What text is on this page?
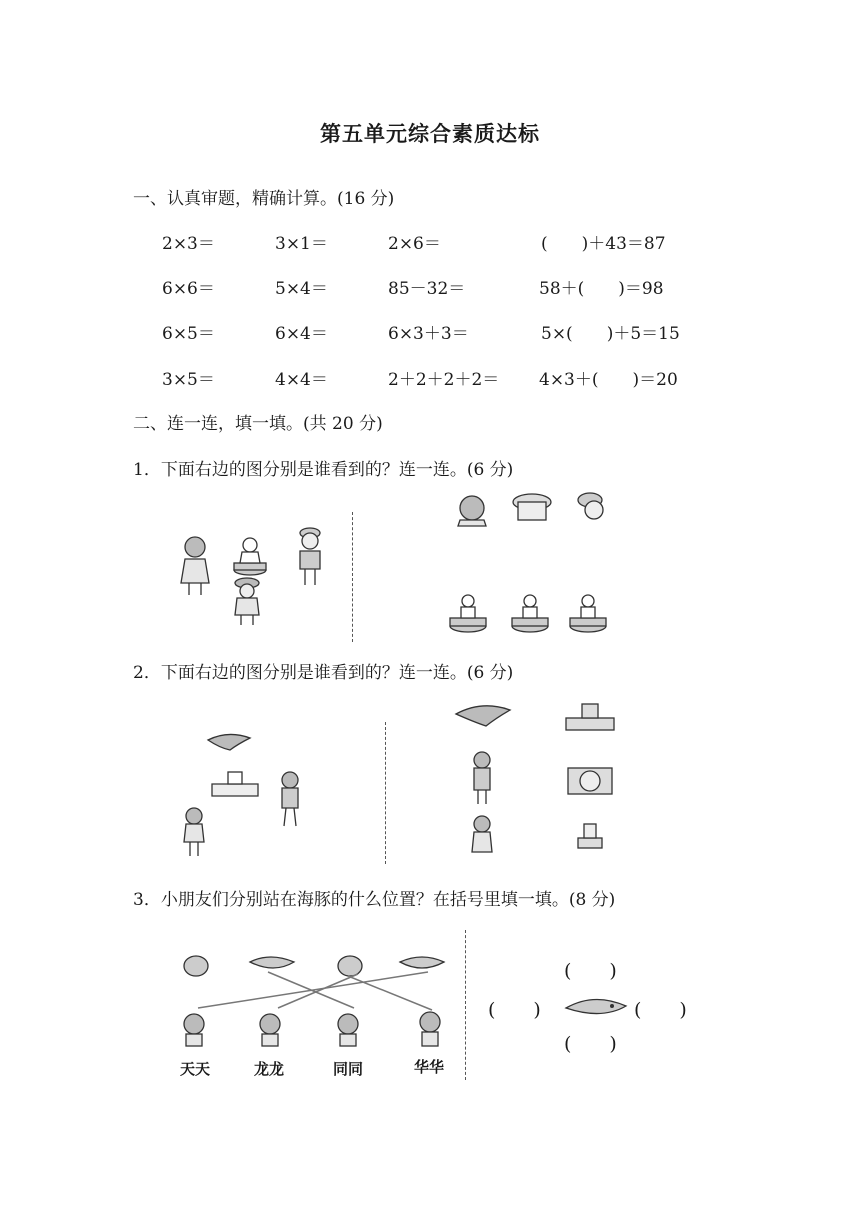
第五单元综合素质达标
一、认真审题，精确计算。(16 分)
2×3＝	3×1＝	2×6＝	(　　)＋43＝87
6×6＝	5×4＝	85－32＝	58＋(　　)＝98
6×5＝	6×4＝	6×3＋3＝	5×(　　)＋5＝15
3×5＝	4×4＝	2＋2＋2＋2＝ 4×3＋(　　)＝20
二、连一连，填一填。(共 20 分)
1．下面右边的图分别是谁看到的？连一连。(6 分)
2．下面右边的图分别是谁看到的？连一连。(6 分)
3．小朋友们分别站在海豚的什么位置？在括号里填一填。(8 分)
天天	龙龙	同同	华华
(　　)
(　　)	(　　)
(　　)
